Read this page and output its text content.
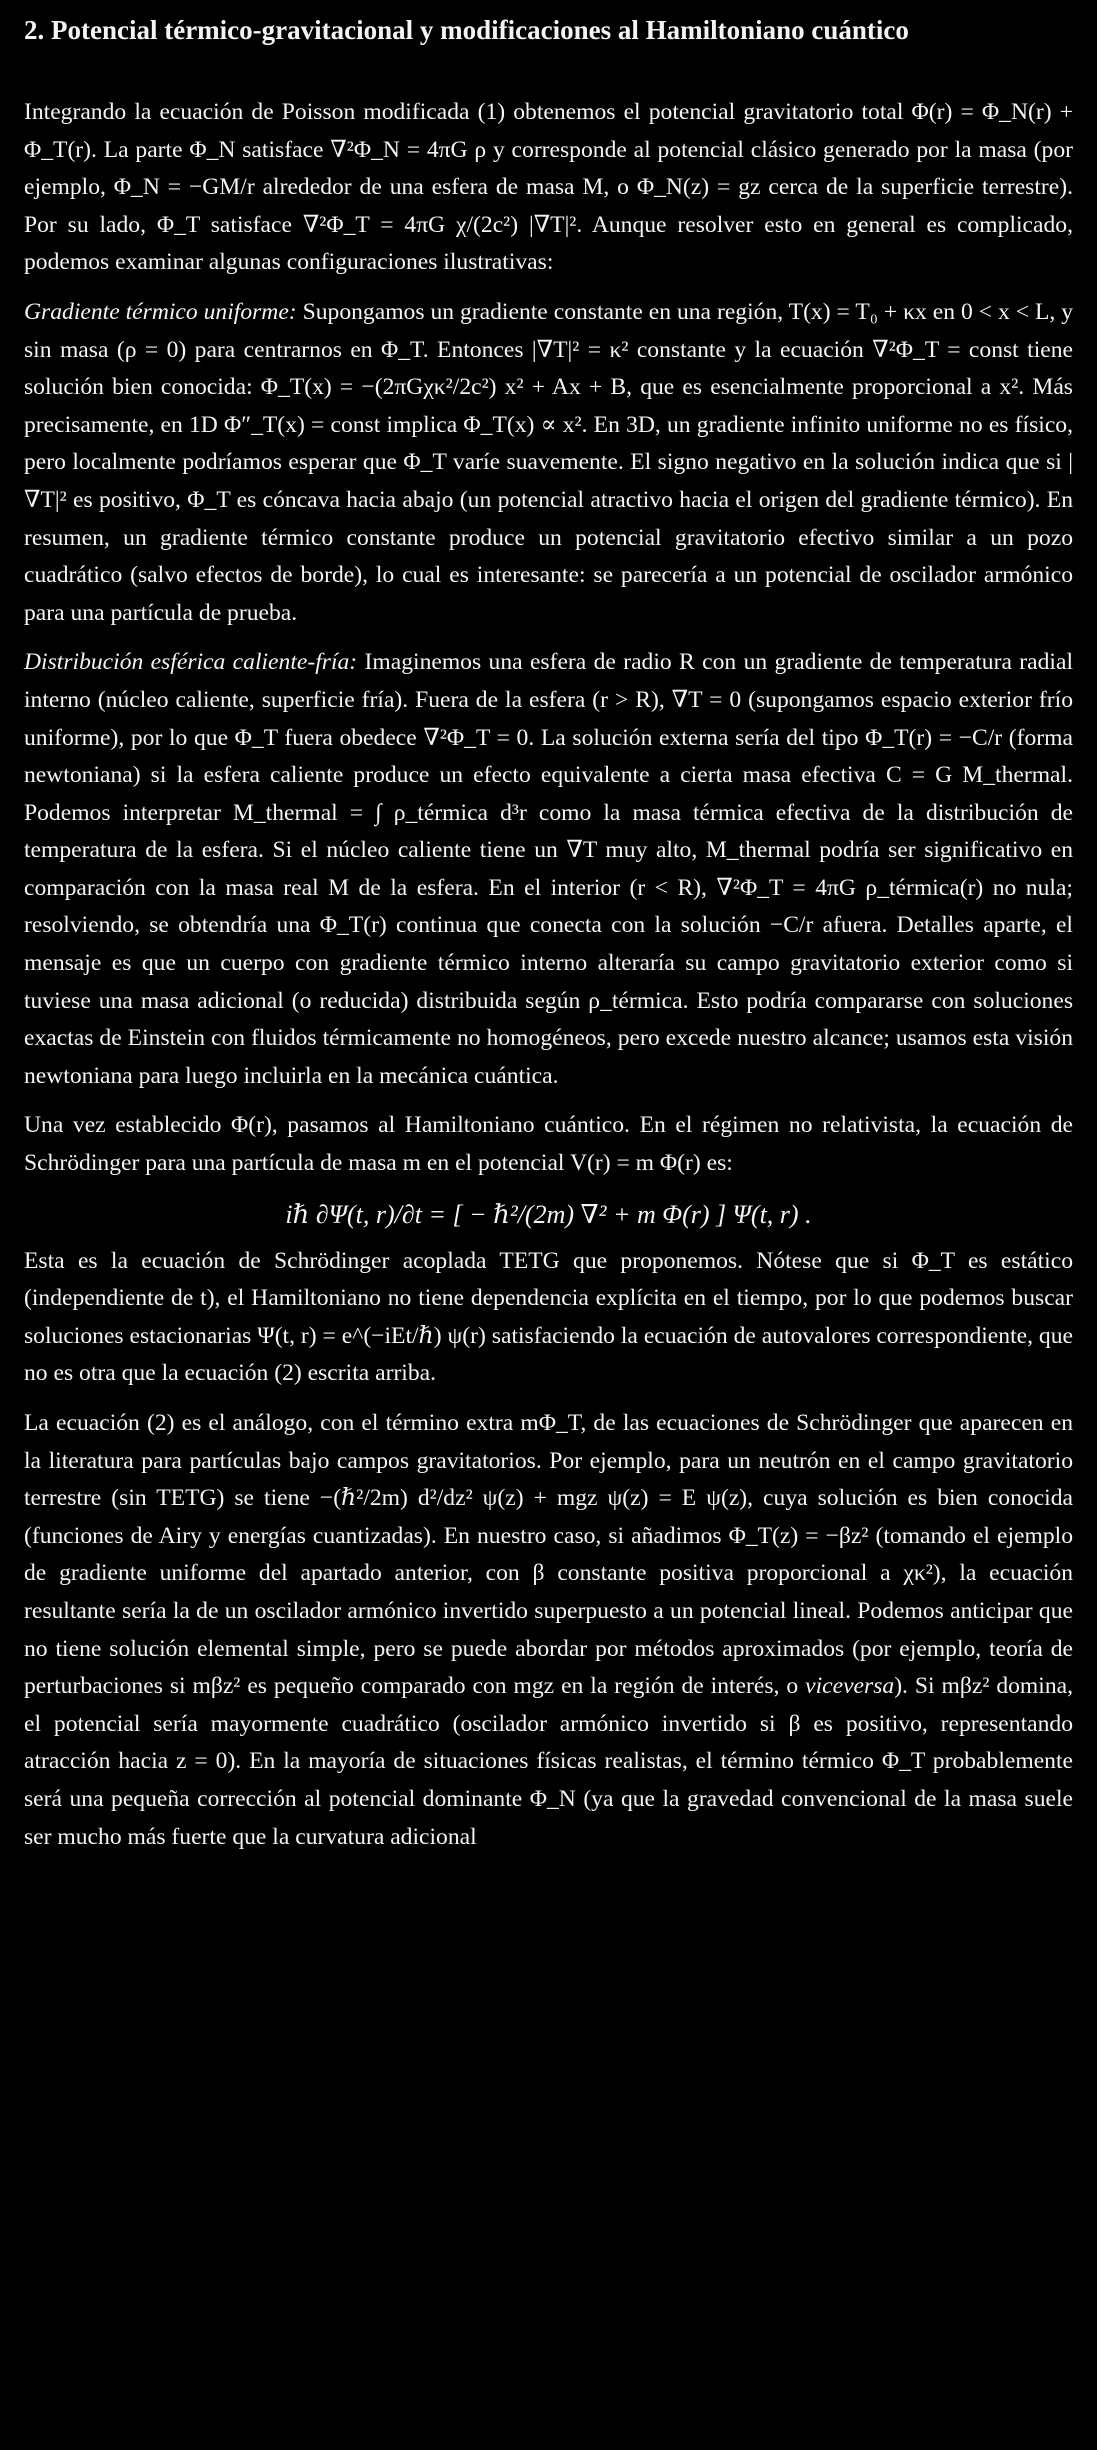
2. Potencial térmico-gravitacional y modificaciones al Hamiltoniano cuántico

Integrando la ecuación de Poisson modificada (1) obtenemos el potencial gravitatorio total Φ(r) = Φ_N(r) + Φ_T(r). La parte Φ_N satisface ∇²Φ_N = 4πG ρ y corresponde al potencial clásico generado por la masa (por ejemplo, Φ_N = −GM/r alrededor de una esfera de masa M, o Φ_N(z) = gz cerca de la superficie terrestre). Por su lado, Φ_T satisface ∇²Φ_T = 4πG χ/(2c²) |∇T|². Aunque resolver esto en general es complicado, podemos examinar algunas configuraciones ilustrativas:

Gradiente térmico uniforme: Supongamos un gradiente constante en una región, T(x) = T₀ + κx en 0 < x < L, y sin masa (ρ = 0) para centrarnos en Φ_T. Entonces |∇T|² = κ² constante y la ecuación ∇²Φ_T = const tiene solución bien conocida: Φ_T(x) = −(2πGχκ²/2c²) x² + Ax + B, que es esencialmente proporcional a x². Más precisamente, en 1D Φ″_T(x) = const implica Φ_T(x) ∝ x². En 3D, un gradiente infinito uniforme no es físico, pero localmente podríamos esperar que Φ_T varíe suavemente. El signo negativo en la solución indica que si |∇T|² es positivo, Φ_T es cóncava hacia abajo (un potencial atractivo hacia el origen del gradiente térmico). En resumen, un gradiente térmico constante produce un potencial gravitatorio efectivo similar a un pozo cuadrático (salvo efectos de borde), lo cual es interesante: se parecería a un potencial de oscilador armónico para una partícula de prueba.

Distribución esférica caliente-fría: Imaginemos una esfera de radio R con un gradiente de temperatura radial interno (núcleo caliente, superficie fría). Fuera de la esfera (r > R), ∇T = 0 (supongamos espacio exterior frío uniforme), por lo que Φ_T fuera obedece ∇²Φ_T = 0. La solución externa sería del tipo Φ_T(r) = −C/r (forma newtoniana) si la esfera caliente produce un efecto equivalente a cierta masa efectiva C = G M_thermal. Podemos interpretar M_thermal = ∫ ρ_térmica d³r como la masa térmica efectiva de la distribución de temperatura de la esfera. Si el núcleo caliente tiene un ∇T muy alto, M_thermal podría ser significativo en comparación con la masa real M de la esfera. En el interior (r < R), ∇²Φ_T = 4πG ρ_térmica(r) no nula; resolviendo, se obtendría una Φ_T(r) continua que conecta con la solución −C/r afuera. Detalles aparte, el mensaje es que un cuerpo con gradiente térmico interno alteraría su campo gravitatorio exterior como si tuviese una masa adicional (o reducida) distribuida según ρ_térmica. Esto podría compararse con soluciones exactas de Einstein con fluidos térmicamente no homogéneos, pero excede nuestro alcance; usamos esta visión newtoniana para luego incluirla en la mecánica cuántica.

Una vez establecido Φ(r), pasamos al Hamiltoniano cuántico. En el régimen no relativista, la ecuación de Schrödinger para una partícula de masa m en el potencial V(r) = m Φ(r) es:

iℏ ∂Ψ(t, r)/∂t = [ − ℏ²/(2m) ∇² + m Φ(r) ] Ψ(t, r) .

Esta es la ecuación de Schrödinger acoplada TETG que proponemos. Nótese que si Φ_T es estático (independiente de t), el Hamiltoniano no tiene dependencia explícita en el tiempo, por lo que podemos buscar soluciones estacionarias Ψ(t, r) = e^(−iEt/ℏ) ψ(r) satisfaciendo la ecuación de autovalores correspondiente, que no es otra que la ecuación (2) escrita arriba.

La ecuación (2) es el análogo, con el término extra mΦ_T, de las ecuaciones de Schrödinger que aparecen en la literatura para partículas bajo campos gravitatorios. Por ejemplo, para un neutrón en el campo gravitatorio terrestre (sin TETG) se tiene −(ℏ²/2m) d²/dz² ψ(z) + mgz ψ(z) = E ψ(z), cuya solución es bien conocida (funciones de Airy y energías cuantizadas). En nuestro caso, si añadimos Φ_T(z) = −βz² (tomando el ejemplo de gradiente uniforme del apartado anterior, con β constante positiva proporcional a χκ²), la ecuación resultante sería la de un oscilador armónico invertido superpuesto a un potencial lineal. Podemos anticipar que no tiene solución elemental simple, pero se puede abordar por métodos aproximados (por ejemplo, teoría de perturbaciones si mβz² es pequeño comparado con mgz en la región de interés, o viceversa). Si mβz² domina, el potencial sería mayormente cuadrático (oscilador armónico invertido si β es positivo, representando atracción hacia z = 0). En la mayoría de situaciones físicas realistas, el término térmico Φ_T probablemente será una pequeña corrección al potencial dominante Φ_N (ya que la gravedad convencional de la masa suele ser mucho más fuerte que la curvatura adicional
